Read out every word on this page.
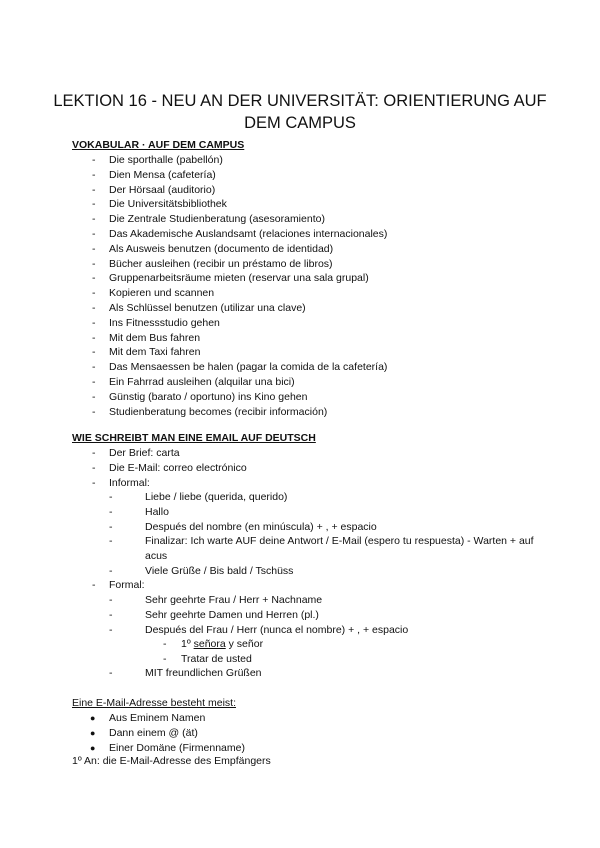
LEKTION 16 - NEU AN DER UNIVERSITÄT: ORIENTIERUNG AUF DEM CAMPUS
VOKABULAR · AUF DEM CAMPUS
- Die sporthalle (pabellón)
- Dien Mensa (cafetería)
- Der Hörsaal (auditorio)
- Die Universitätsbibliothek
- Die Zentrale Studienberatung (asesoramiento)
- Das Akademische Auslandsamt (relaciones internacionales)
- Als Ausweis benutzen (documento de identidad)
- Bücher ausleihen (recibir un préstamo de libros)
- Gruppenarbeitsräume mieten (reservar una sala grupal)
- Kopieren und scannen
- Als Schlüssel benutzen (utilizar una clave)
- Ins Fitnessstudio gehen
- Mit dem Bus fahren
- Mit dem Taxi fahren
- Das Mensaessen be halen (pagar la comida de la cafetería)
- Ein Fahrrad ausleihen (alquilar una bici)
- Günstig (barato / oportuno) ins Kino gehen
- Studienberatung becomes (recibir información)
WIE SCHREIBT MAN EINE EMAIL AUF DEUTSCH
- Der Brief: carta
- Die E-Mail: correo electrónico
- Informal:
-	Liebe / liebe (querida, querido)
-	Hallo
-	Después del nombre (en minúscula) + , + espacio
-	Finalizar: Ich warte AUF deine Antwort / E-Mail (espero tu respuesta) - Warten + auf acus
-	Viele Grüße / Bis bald / Tschüss
- Formal:
-	Sehr geehrte Frau / Herr + Nachname
-	Sehr geehrte Damen und Herren (pl.)
-	Después del Frau / Herr (nunca el nombre) + , + espacio
- 1º señora y señor
- Tratar de usted
-	MIT freundlichen Grüßen
Eine E-Mail-Adresse besteht meist:
● Aus Eminem Namen
● Dann einem @ (ät)
● Einer Domäne (Firmenname)
1º An: die E-Mail-Adresse des Empfängers
